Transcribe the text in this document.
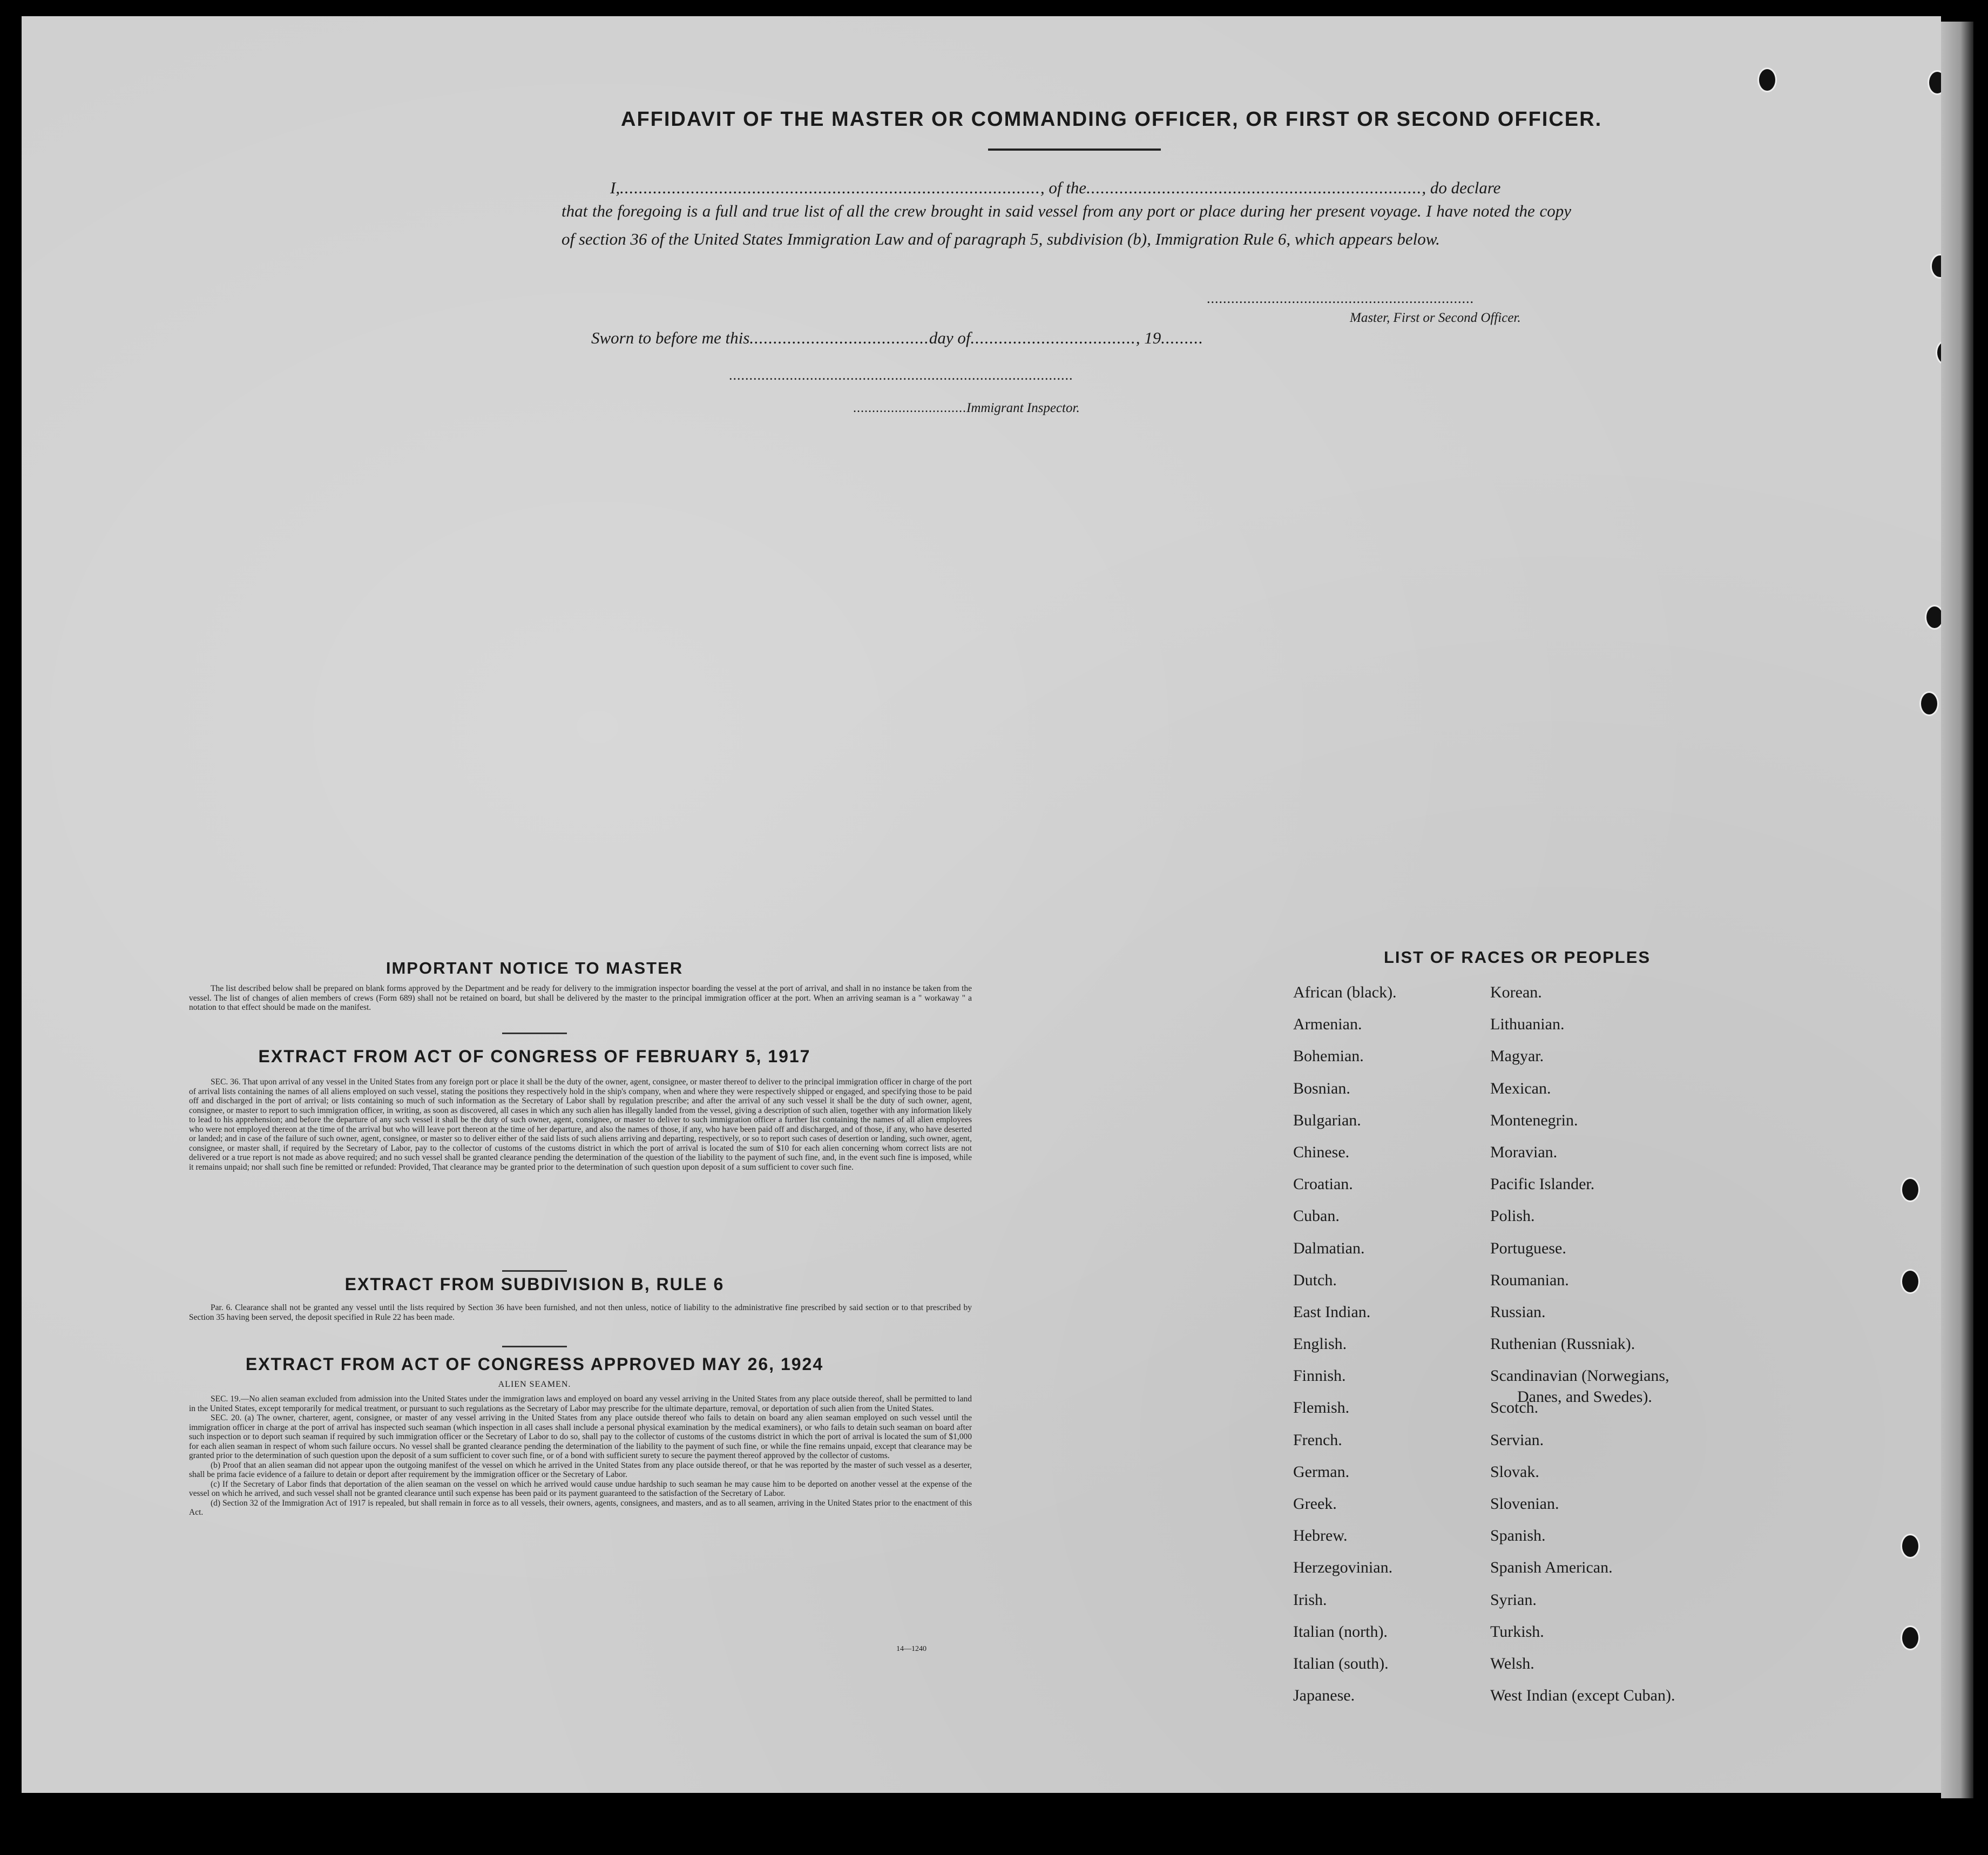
AFFIDAVIT OF THE MASTER OR COMMANDING OFFICER, OR FIRST OR SECOND OFFICER.
I,........................................................................................., of the......................................................................., do declare
that the foregoing is a full and true list of all the crew brought in said vessel from any port or place during her present voyage. I have noted the copy of section 36 of the United States Immigration Law and of paragraph 5, subdivision (b), Immigration Rule 6, which appears below.
..................................................................
Master, First or Second Officer.
Sworn to before me this......................................day of..................................., 19.........
.....................................................................................
..............................Immigrant Inspector.
IMPORTANT NOTICE TO MASTER

The list described below shall be prepared on blank forms approved by the Department and be ready for delivery to the immigration inspector boarding the vessel at the port of arrival, and shall in no instance be taken from the vessel. The list of changes of alien members of crews (Form 689) shall not be retained on board, but shall be delivered by the master to the principal immigration officer at the port. When an arriving seaman is a " workaway " a notation to that effect should be made on the manifest.

EXTRACT FROM ACT OF CONGRESS OF FEBRUARY 5, 1917

SEC. 36. That upon arrival of any vessel in the United States from any foreign port or place it shall be the duty of the owner, agent, consignee, or master thereof to deliver to the principal immigration officer in charge of the port of arrival lists containing the names of all aliens employed on such vessel, stating the positions they respectively hold in the ship's company, when and where they were respectively shipped or engaged, and specifying those to be paid off and discharged in the port of arrival; or lists containing so much of such information as the Secretary of Labor shall by regulation prescribe; and after the arrival of any such vessel it shall be the duty of such owner, agent, consignee, or master to report to such immigration officer, in writing, as soon as discovered, all cases in which any such alien has illegally landed from the vessel, giving a description of such alien, together with any information likely to lead to his apprehension; and before the departure of any such vessel it shall be the duty of such owner, agent, consignee, or master to deliver to such immigration officer a further list containing the names of all alien employees who were not employed thereon at the time of the arrival but who will leave port thereon at the time of her departure, and also the names of those, if any, who have been paid off and discharged, and of those, if any, who have deserted or landed; and in case of the failure of such owner, agent, consignee, or master so to deliver either of the said lists of such aliens arriving and departing, respectively, or so to report such cases of desertion or landing, such owner, agent, consignee, or master shall, if required by the Secretary of Labor, pay to the collector of customs of the customs district in which the port of arrival is located the sum of $10 for each alien concerning whom correct lists are not delivered or a true report is not made as above required; and no such vessel shall be granted clearance pending the determination of the question of the liability to the payment of such fine, and, in the event such fine is imposed, while it remains unpaid; nor shall such fine be remitted or refunded: Provided, That clearance may be granted prior to the determination of such question upon deposit of a sum sufficient to cover such fine.

EXTRACT FROM SUBDIVISION B, RULE 6

Par. 6. Clearance shall not be granted any vessel until the lists required by Section 36 have been furnished, and not then unless, notice of liability to the administrative fine prescribed by said section or to that prescribed by Section 35 having been served, the deposit specified in Rule 22 has been made.

EXTRACT FROM ACT OF CONGRESS APPROVED MAY 26, 1924
ALIEN SEAMEN.

SEC. 19.—No alien seaman excluded from admission into the United States under the immigration laws and employed on board any vessel arriving in the United States from any place outside thereof, shall be permitted to land in the United States, except temporarily for medical treatment, or pursuant to such regulations as the Secretary of Labor may prescribe for the ultimate departure, removal, or deportation of such alien from the United States.

SEC. 20. (a) The owner, charterer, agent, consignee, or master of any vessel arriving in the United States from any place outside thereof who fails to detain on board any alien seaman employed on such vessel until the immigration officer in charge at the port of arrival has inspected such seaman (which inspection in all cases shall include a personal physical examination by the medical examiners), or who fails to detain such seaman on board after such inspection or to deport such seaman if required by such immigration officer or the Secretary of Labor to do so, shall pay to the collector of customs of the customs district in which the port of arrival is located the sum of $1,000 for each alien seaman in respect of whom such failure occurs. No vessel shall be granted clearance pending the determination of the liability to the payment of such fine, or while the fine remains unpaid, except that clearance may be granted prior to the determination of such question upon the deposit of a sum sufficient to cover such fine, or of a bond with sufficient surety to secure the payment thereof approved by the collector of customs.

(b) Proof that an alien seaman did not appear upon the outgoing manifest of the vessel on which he arrived in the United States from any place outside thereof, or that he was reported by the master of such vessel as a deserter, shall be prima facie evidence of a failure to detain or deport after requirement by the immigration officer or the Secretary of Labor.

(c) If the Secretary of Labor finds that deportation of the alien seaman on the vessel on which he arrived would cause undue hardship to such seaman he may cause him to be deported on another vessel at the expense of the vessel on which he arrived, and such vessel shall not be granted clearance until such expense has been paid or its payment guaranteed to the satisfaction of the Secretary of Labor.

(d) Section 32 of the Immigration Act of 1917 is repealed, but shall remain in force as to all vessels, their owners, agents, consignees, and masters, and as to all seamen, arriving in the United States prior to the enactment of this Act.

14—1240
LIST OF RACES OR PEOPLES
African (black).
Armenian.
Bohemian.
Bosnian.
Bulgarian.
Chinese.
Croatian.
Cuban.
Dalmatian.
Dutch.
East Indian.
English.
Finnish.
Flemish.
French.
German.
Greek.
Hebrew.
Herzegovinian.
Irish.
Italian (north).
Italian (south).
Japanese.
Korean.
Lithuanian.
Magyar.
Mexican.
Montenegrin.
Moravian.
Pacific Islander.
Polish.
Portuguese.
Roumanian.
Russian.
Ruthenian (Russniak).
Scandinavian (Norwegians,
Scotch.
Servian.
Slovak.
Slovenian.
Spanish.
Spanish American.
Syrian.
Turkish.
Welsh.
West Indian (except Cuban).
Danes, and Swedes).
